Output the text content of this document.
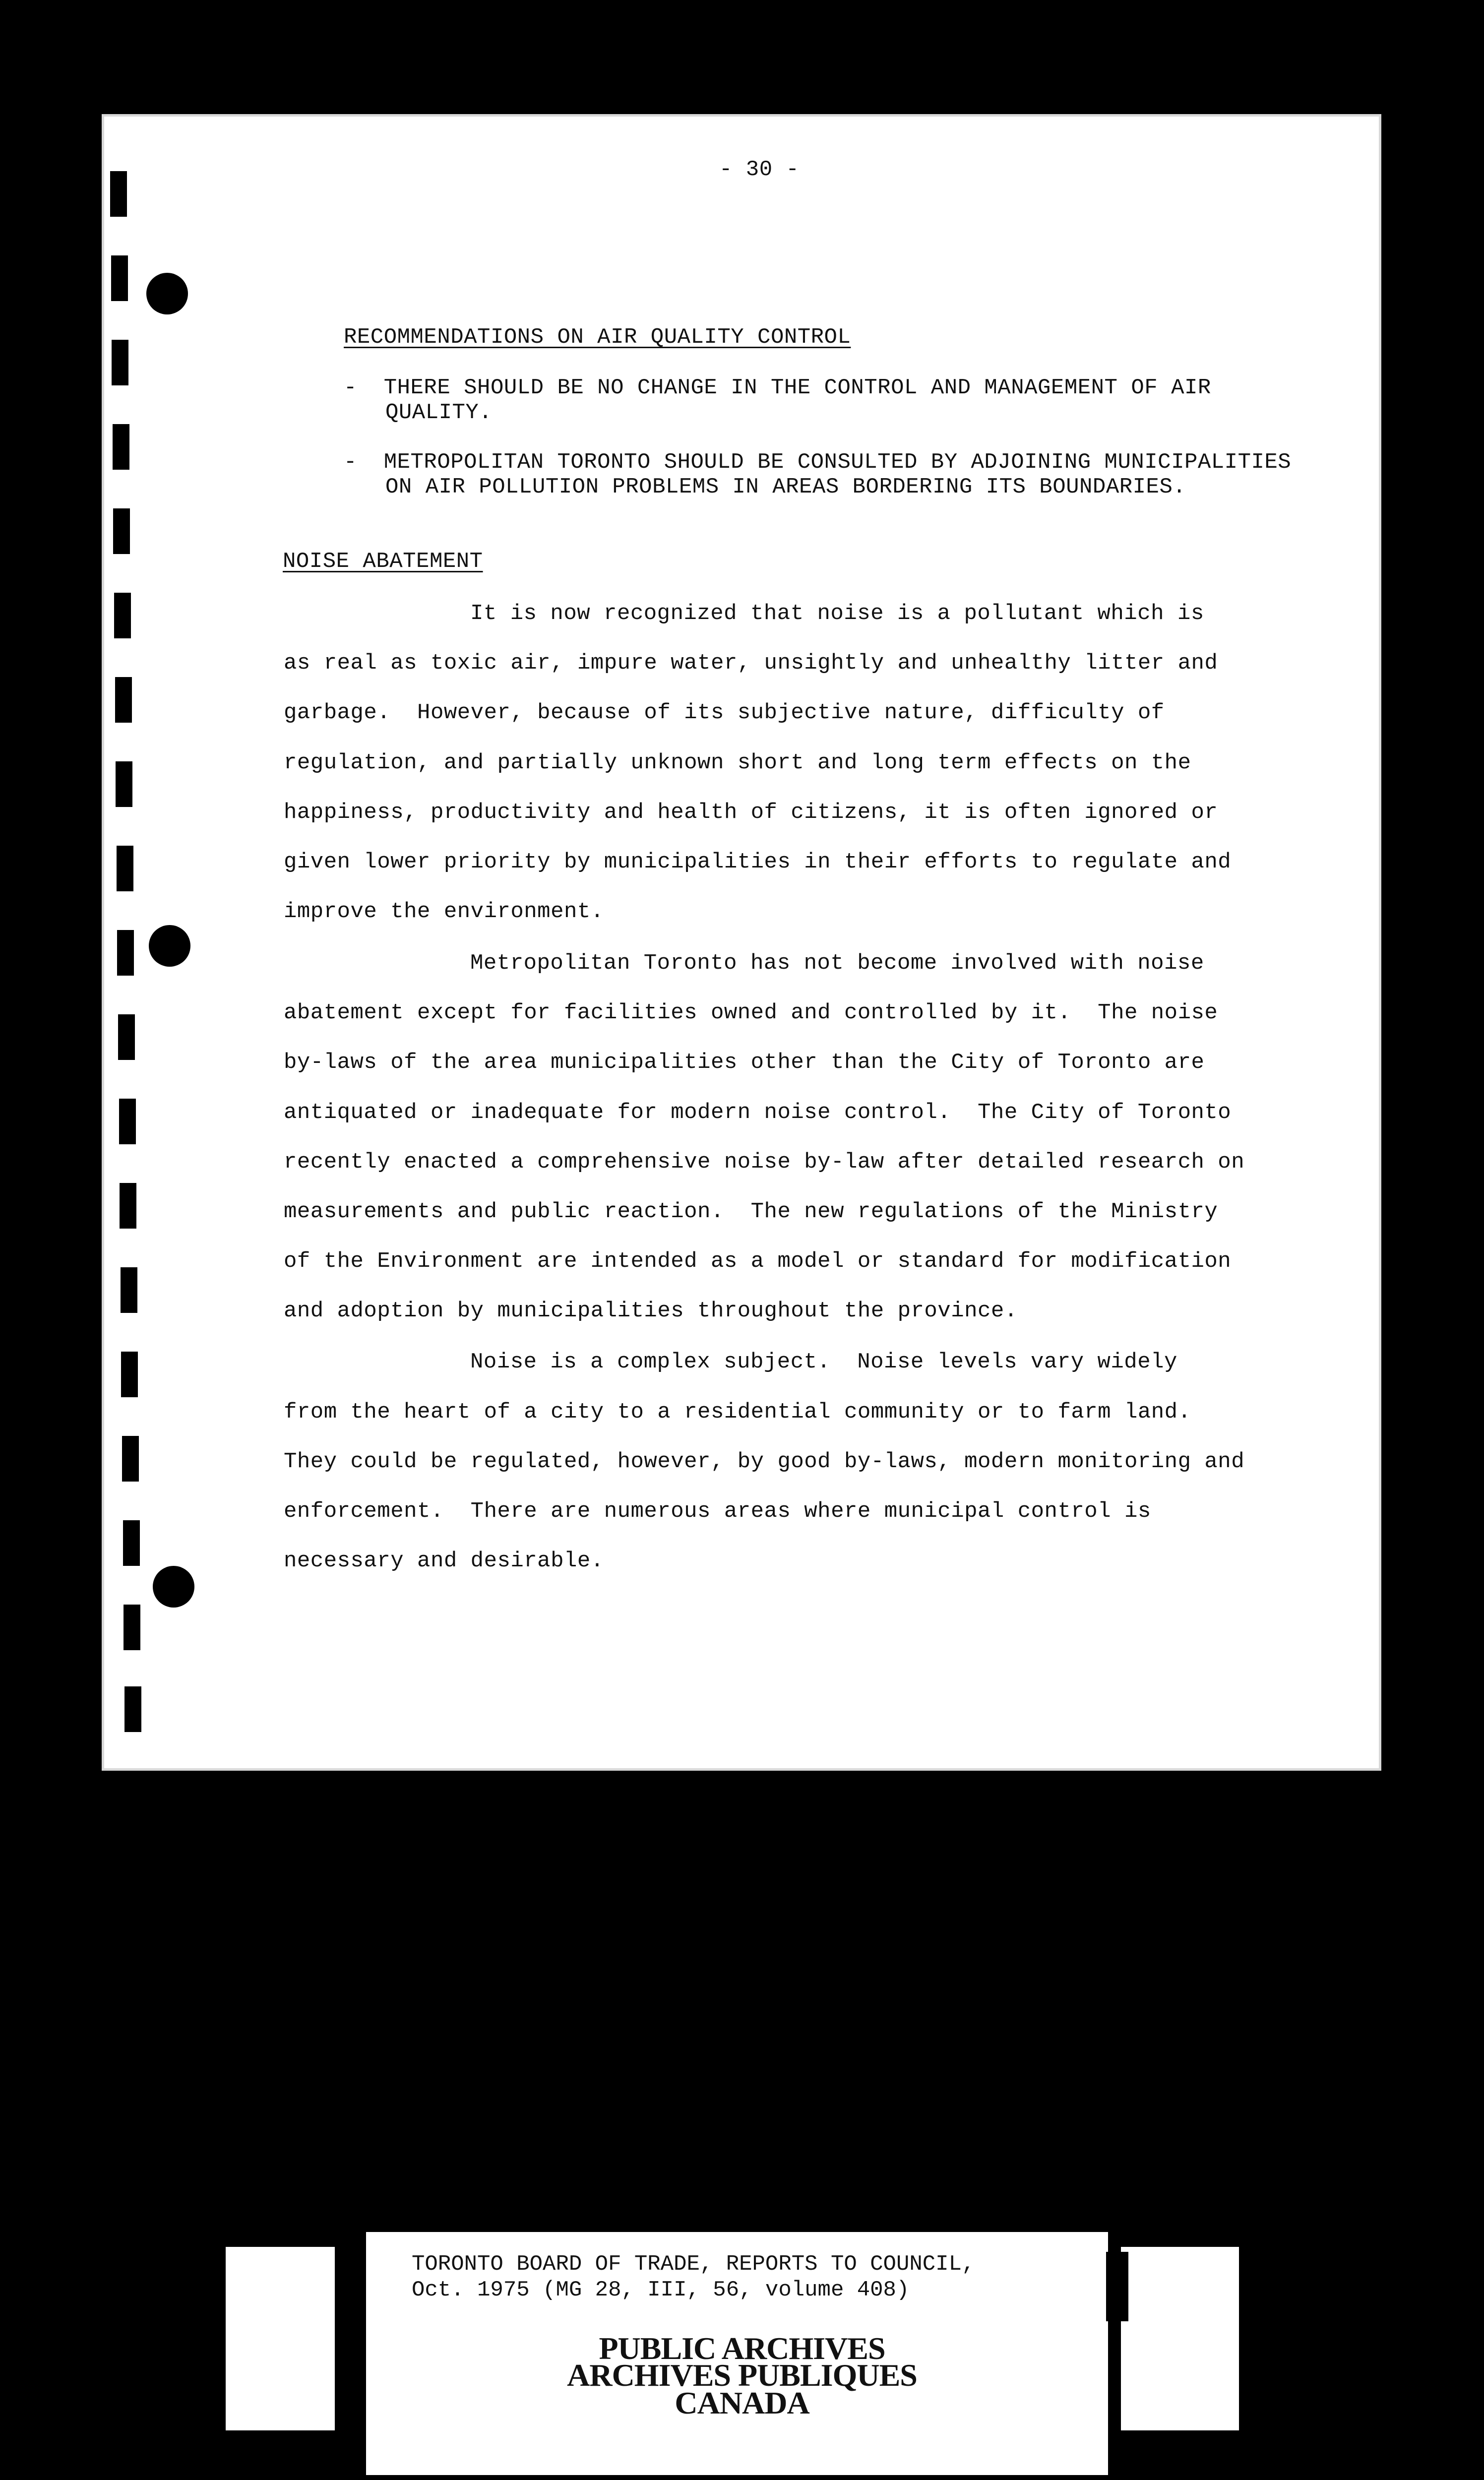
- 30 -
RECOMMENDATIONS ON AIR QUALITY CONTROL
-  THERE SHOULD BE NO CHANGE IN THE CONTROL AND MANAGEMENT OF AIR
QUALITY.
-  METROPOLITAN TORONTO SHOULD BE CONSULTED BY ADJOINING MUNICIPALITIES
ON AIR POLLUTION PROBLEMS IN AREAS BORDERING ITS BOUNDARIES.
NOISE ABATEMENT
It is now recognized that noise is a pollutant which is
as real as toxic air, impure water, unsightly and unhealthy litter and
garbage.  However, because of its subjective nature, difficulty of
regulation, and partially unknown short and long term effects on the
happiness, productivity and health of citizens, it is often ignored or
given lower priority by municipalities in their efforts to regulate and
improve the environment.
Metropolitan Toronto has not become involved with noise
abatement except for facilities owned and controlled by it.  The noise
by-laws of the area municipalities other than the City of Toronto are
antiquated or inadequate for modern noise control.  The City of Toronto
recently enacted a comprehensive noise by-law after detailed research on
measurements and public reaction.  The new regulations of the Ministry
of the Environment are intended as a model or standard for modification
and adoption by municipalities throughout the province.
Noise is a complex subject.  Noise levels vary widely
from the heart of a city to a residential community or to farm land.
They could be regulated, however, by good by-laws, modern monitoring and
enforcement.  There are numerous areas where municipal control is
necessary and desirable.
TORONTO BOARD OF TRADE, REPORTS TO COUNCIL,
Oct. 1975 (MG 28, III, 56, volume 408)
PUBLIC ARCHIVES
ARCHIVES PUBLIQUES
CANADA
